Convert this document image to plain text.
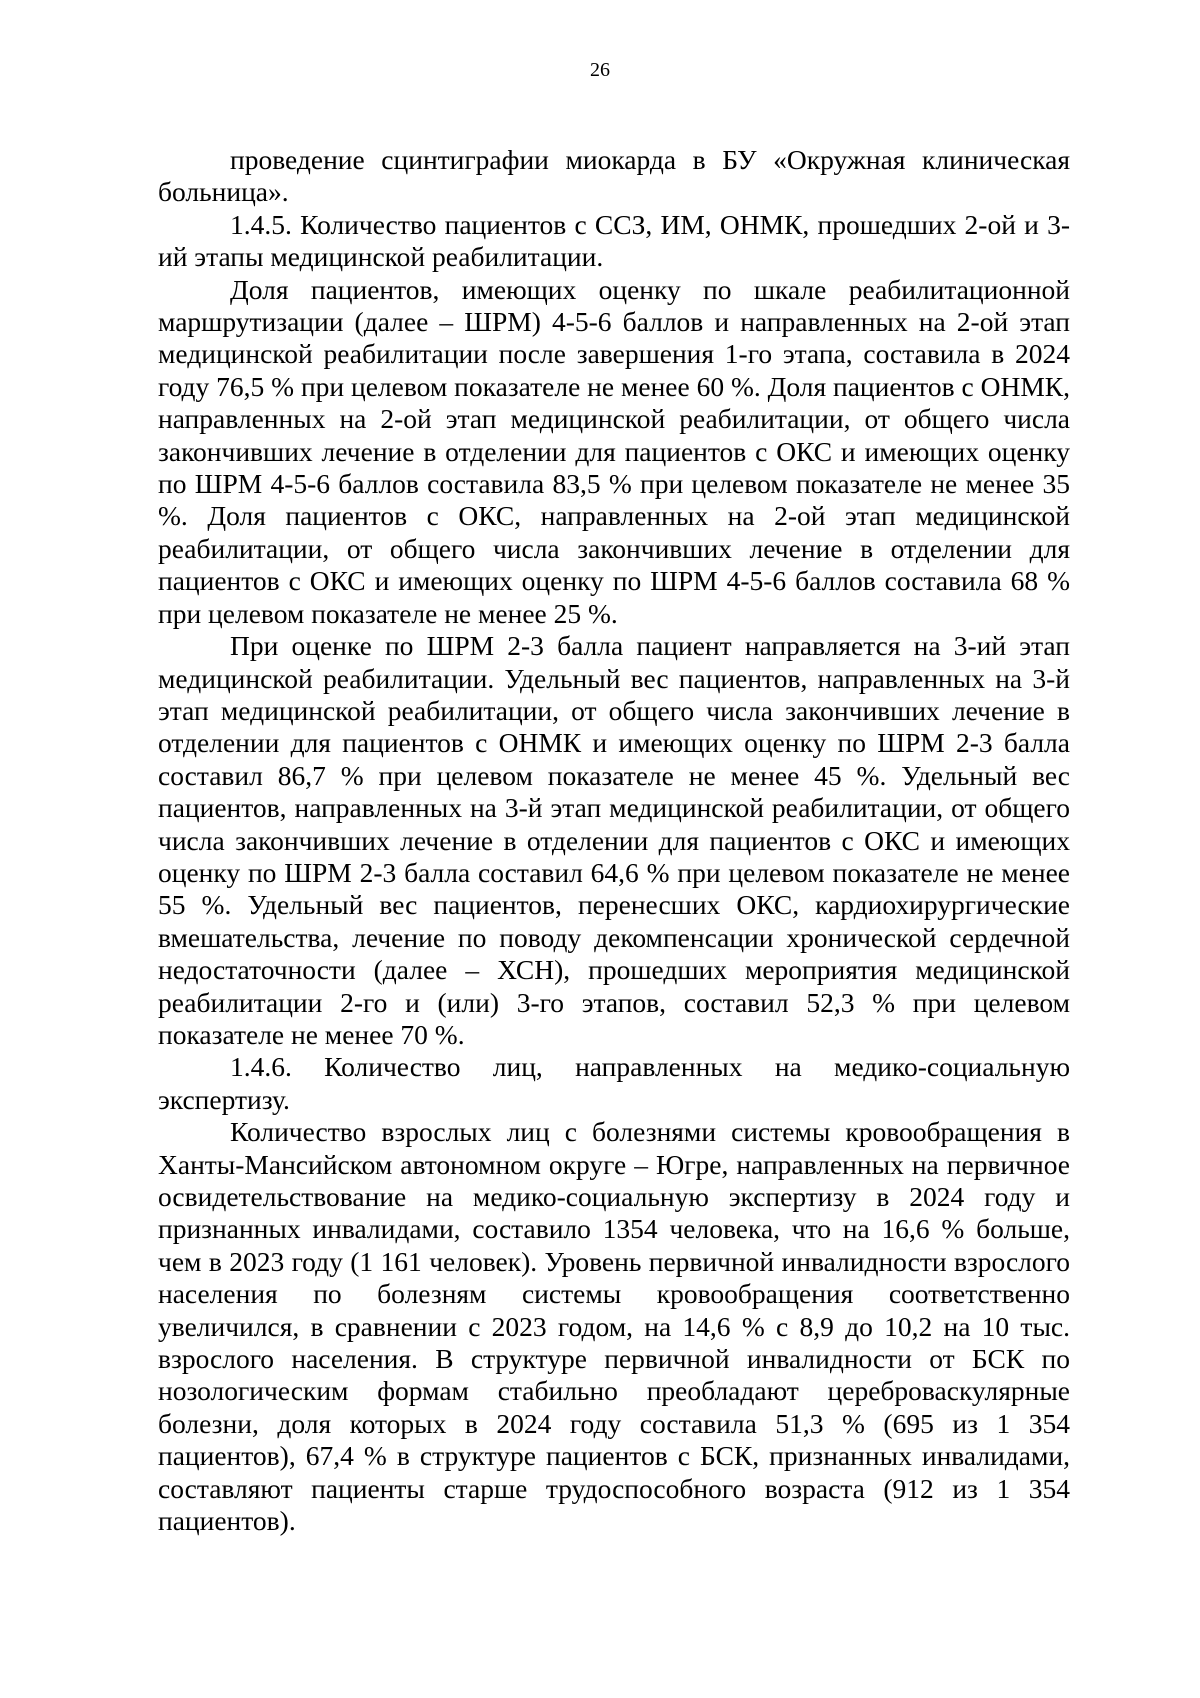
26

проведение сцинтиграфии миокарда в БУ «Окружная клиническая больница».

1.4.5. Количество пациентов с ССЗ, ИМ, ОНМК, прошедших 2-ой и 3-ий этапы медицинской реабилитации.

Доля пациентов, имеющих оценку по шкале реабилитационной маршрутизации (далее – ШРМ) 4-5-6 баллов и направленных на 2-ой этап медицинской реабилитации после завершения 1-го этапа, составила в 2024 году 76,5 % при целевом показателе не менее 60 %. Доля пациентов с ОНМК, направленных на 2-ой этап медицинской реабилитации, от общего числа закончивших лечение в отделении для пациентов с ОКС и имеющих оценку по ШРМ 4-5-6 баллов составила 83,5 % при целевом показателе не менее 35 %. Доля пациентов с ОКС, направленных на 2-ой этап медицинской реабилитации, от общего числа закончивших лечение в отделении для пациентов с ОКС и имеющих оценку по ШРМ 4-5-6 баллов составила 68 % при целевом показателе не менее 25 %.

При оценке по ШРМ 2-3 балла пациент направляется на 3-ий этап медицинской реабилитации. Удельный вес пациентов, направленных на 3-й этап медицинской реабилитации, от общего числа закончивших лечение в отделении для пациентов с ОНМК и имеющих оценку по ШРМ 2-3 балла составил 86,7 % при целевом показателе не менее 45 %. Удельный вес пациентов, направленных на 3-й этап медицинской реабилитации, от общего числа закончивших лечение в отделении для пациентов с ОКС и имеющих оценку по ШРМ 2-3 балла составил 64,6 % при целевом показателе не менее 55 %. Удельный вес пациентов, перенесших ОКС, кардиохирургические вмешательства, лечение по поводу декомпенсации хронической сердечной недостаточности (далее – ХСН), прошедших мероприятия медицинской реабилитации 2-го и (или) 3-го этапов, составил 52,3 % при целевом показателе не менее 70 %.

1.4.6. Количество лиц, направленных на медико-социальную экспертизу.

Количество взрослых лиц с болезнями системы кровообращения в Ханты-Мансийском автономном округе – Югре, направленных на первичное освидетельствование на медико-социальную экспертизу в 2024 году и признанных инвалидами, составило 1354 человека, что на 16,6 % больше, чем в 2023 году (1 161 человек). Уровень первичной инвалидности взрослого населения по болезням системы кровообращения соответственно увеличился, в сравнении с 2023 годом, на 14,6 % с 8,9 до 10,2 на 10 тыс. взрослого населения. В структуре первичной инвалидности от БСК по нозологическим формам стабильно преобладают цереброваскулярные болезни, доля которых в 2024 году составила 51,3 % (695 из 1 354 пациентов), 67,4 % в структуре пациентов с БСК, признанных инвалидами, составляют пациенты старше трудоспособного возраста (912 из 1 354 пациентов).
